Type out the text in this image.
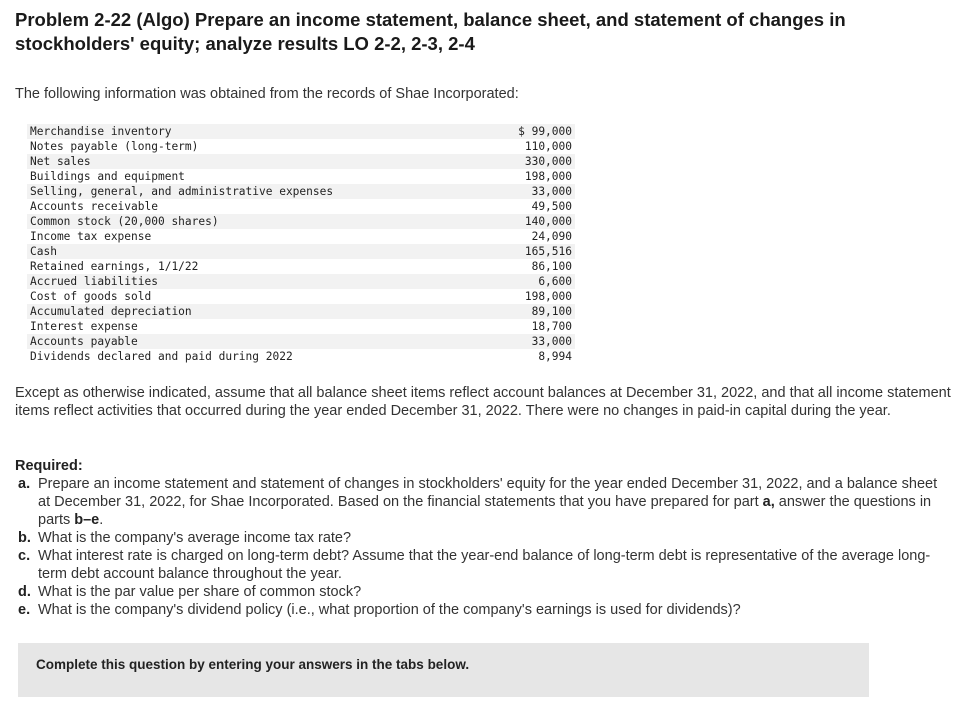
Problem 2-22 (Algo) Prepare an income statement, balance sheet, and statement of changes in stockholders' equity; analyze results LO 2-2, 2-3, 2-4
The following information was obtained from the records of Shae Incorporated:
Merchandise inventory	$ 99,000
Notes payable (long-term)	110,000
Net sales	330,000
Buildings and equipment	198,000
Selling, general, and administrative expenses	33,000
Accounts receivable	49,500
Common stock (20,000 shares)	140,000
Income tax expense	24,090
Cash	165,516
Retained earnings, 1/1/22	86,100
Accrued liabilities	6,600
Cost of goods sold	198,000
Accumulated depreciation	89,100
Interest expense	18,700
Accounts payable	33,000
Dividends declared and paid during 2022	8,994
Except as otherwise indicated, assume that all balance sheet items reflect account balances at December 31, 2022, and that all income statement items reflect activities that occurred during the year ended December 31, 2022. There were no changes in paid-in capital during the year.
Required:
a. Prepare an income statement and statement of changes in stockholders' equity for the year ended December 31, 2022, and a balance sheet at December 31, 2022, for Shae Incorporated. Based on the financial statements that you have prepared for part a, answer the questions in parts b–e.
b. What is the company's average income tax rate?
c. What interest rate is charged on long-term debt? Assume that the year-end balance of long-term debt is representative of the average long-term debt account balance throughout the year.
d. What is the par value per share of common stock?
e. What is the company's dividend policy (i.e., what proportion of the company's earnings is used for dividends)?
Complete this question by entering your answers in the tabs below.
